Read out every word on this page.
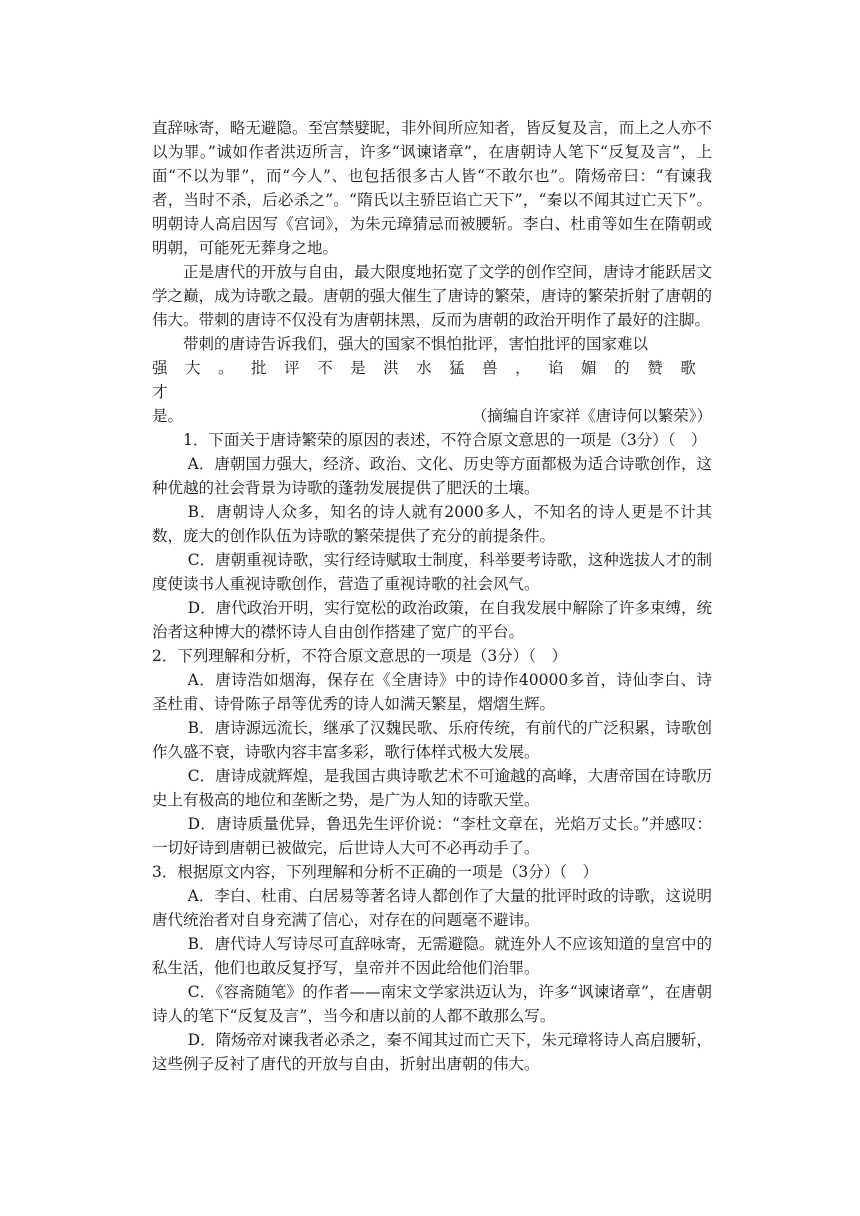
直辞咏寄，略无避隐。至宫禁嬖昵，非外间所应知者，皆反复及言，而上之人亦不以为罪。”诚如作者洪迈所言，许多“讽谏诸章”，在唐朝诗人笔下“反复及言”，上面“不以为罪”，而“今人”、也包括很多古人皆“不敢尔也”。隋炀帝曰：“有谏我者，当时不杀，后必杀之”。“隋氏以主骄臣谄亡天下”，“秦以不闻其过亡天下”。明朝诗人高启因写《宫词》，为朱元璋猜忌而被腰斩。李白、杜甫等如生在隋朝或明朝，可能死无葬身之地。

正是唐代的开放与自由，最大限度地拓宽了文学的创作空间，唐诗才能跃居文学之巅，成为诗歌之最。唐朝的强大催生了唐诗的繁荣，唐诗的繁荣折射了唐朝的伟大。带刺的唐诗不仅没有为唐朝抹黑，反而为唐朝的政治开明作了最好的注脚。

带刺的唐诗告诉我们，强大的国家不惧怕批评，害怕批评的国家难以

强大。批评不是洪水猛兽，谄媚的赞歌才

是。	（摘编自许家祥《唐诗何以繁荣》）

1．下面关于唐诗繁荣的原因的表述，不符合原文意思的一项是（3分）（　）

A．唐朝国力强大，经济、政治、文化、历史等方面都极为适合诗歌创作，这种优越的社会背景为诗歌的蓬勃发展提供了肥沃的土壤。

B．唐朝诗人众多，知名的诗人就有2000多人，不知名的诗人更是不计其数，庞大的创作队伍为诗歌的繁荣提供了充分的前提条件。

C．唐朝重视诗歌，实行经诗赋取士制度，科举要考诗歌，这种选拔人才的制度使读书人重视诗歌创作，营造了重视诗歌的社会风气。

D．唐代政治开明，实行宽松的政治政策，在自我发展中解除了许多束缚，统治者这种博大的襟怀诗人自由创作搭建了宽广的平台。

2．下列理解和分析，不符合原文意思的一项是（3分）（　）

A．唐诗浩如烟海，保存在《全唐诗》中的诗作40000多首，诗仙李白、诗圣杜甫、诗骨陈子昂等优秀的诗人如满天繁星，熠熠生辉。

B．唐诗源远流长，继承了汉魏民歌、乐府传统，有前代的广泛积累，诗歌创作久盛不衰，诗歌内容丰富多彩，歌行体样式极大发展。

C．唐诗成就辉煌，是我国古典诗歌艺术不可逾越的高峰，大唐帝国在诗歌历史上有极高的地位和垄断之势，是广为人知的诗歌天堂。

D．唐诗质量优异，鲁迅先生评价说：“李杜文章在，光焰万丈长。”并感叹：一切好诗到唐朝已被做完，后世诗人大可不必再动手了。

3．根据原文内容，下列理解和分析不正确的一项是（3分）（　）

A．李白、杜甫、白居易等著名诗人都创作了大量的批评时政的诗歌，这说明唐代统治者对自身充满了信心，对存在的问题毫不避讳。

B．唐代诗人写诗尽可直辞咏寄，无需避隐。就连外人不应该知道的皇宫中的私生活，他们也敢反复抒写，皇帝并不因此给他们治罪。

C．《容斋随笔》的作者——南宋文学家洪迈认为，许多“讽谏诸章”，在唐朝诗人的笔下“反复及言”，当今和唐以前的人都不敢那么写。

D．隋炀帝对谏我者必杀之，秦不闻其过而亡天下，朱元璋将诗人高启腰斩，这些例子反衬了唐代的开放与自由，折射出唐朝的伟大。
